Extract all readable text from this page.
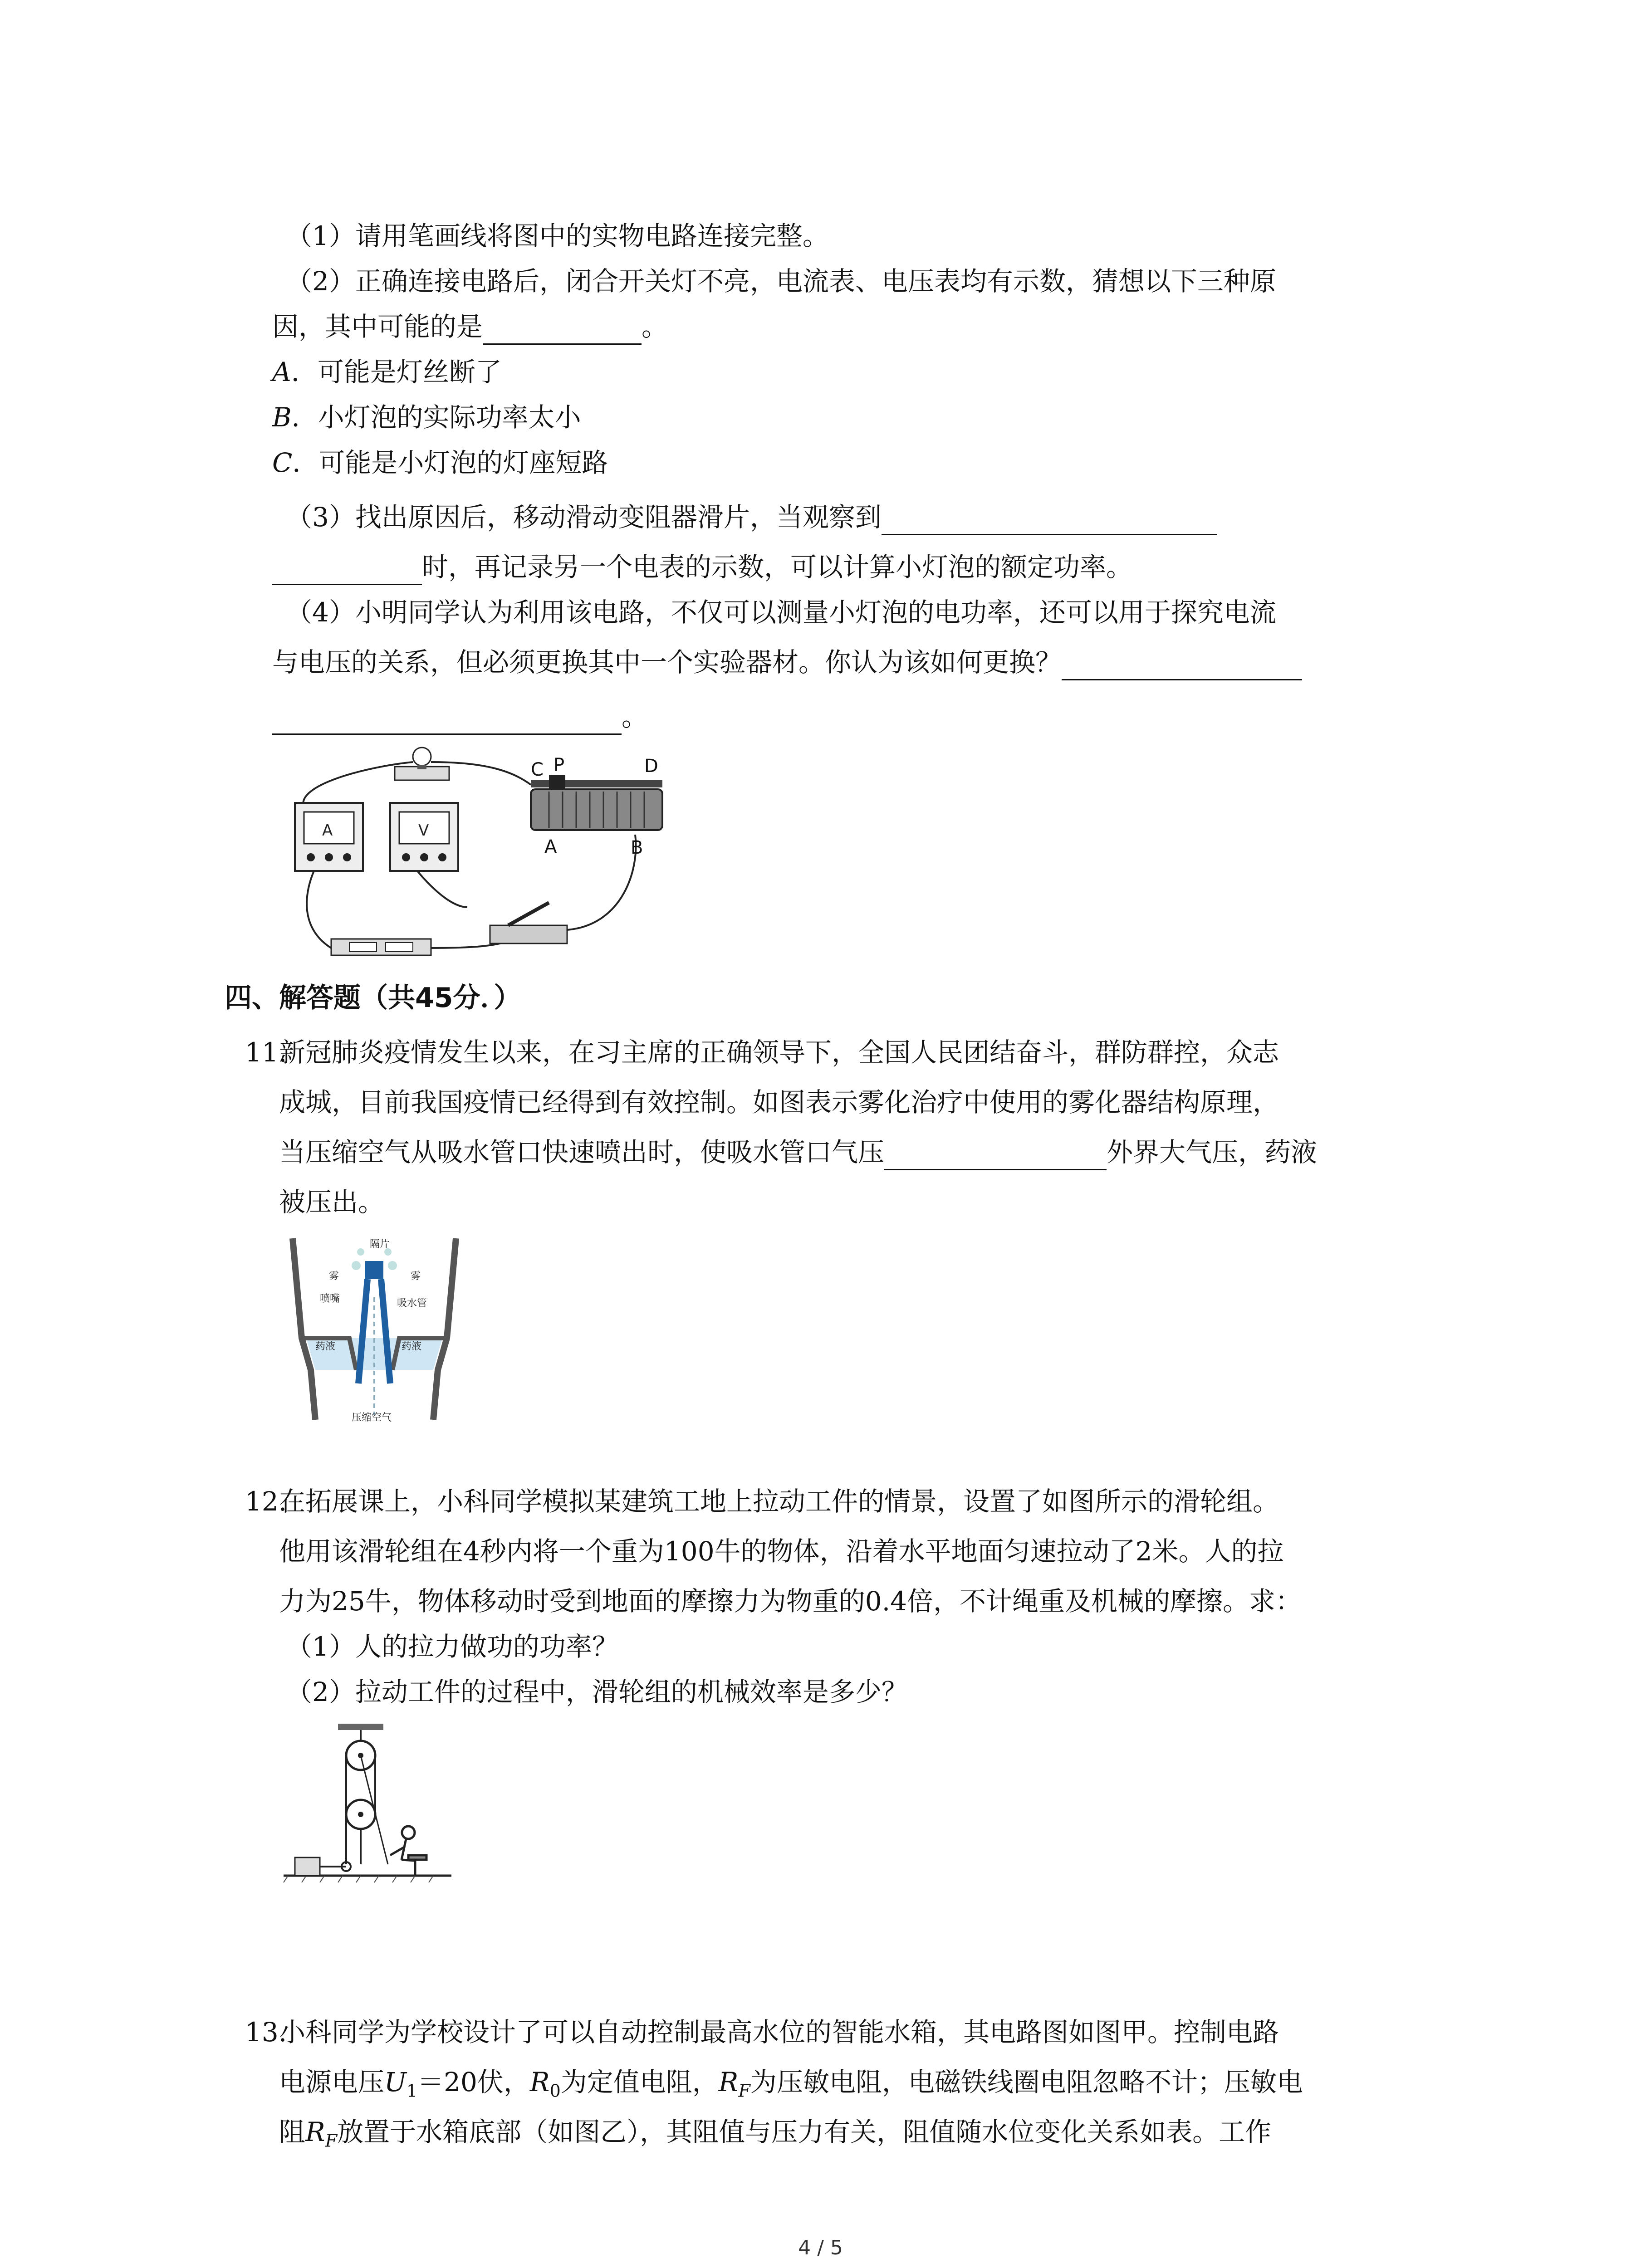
（1）请用笔画线将图中的实物电路连接完整。
（2）正确连接电路后，闭合开关灯不亮，电流表、电压表均有示数，猜想以下三种原
因，其中可能的是	。
A．可能是灯丝断了
B．小灯泡的实际功率太小
C．可能是小灯泡的灯座短路
（3）找出原因后，移动滑动变阻器滑片，当观察到
时，再记录另一个电表的示数，可以计算小灯泡的额定功率。
（4）小明同学认为利用该电路，不仅可以测量小灯泡的电功率，还可以用于探究电流
与电压的关系，但必须更换其中一个实验器材。你认为该如何更换？
。
A	V
C P	D
A	B
四、解答题（共45分．）
11.
新冠肺炎疫情发生以来，在习主席的正确领导下，全国人民团结奋斗，群防群控，众志
成城，目前我国疫情已经得到有效控制。如图表示雾化治疗中使用的雾化器结构原理，
当压缩空气从吸水管口快速喷出时，使吸水管口气压	外界大气压，药液
被压出。
隔片
雾	雾
喷嘴	吸水管
药液	药液
压缩空气
12.
在拓展课上，小科同学模拟某建筑工地上拉动工件的情景，设置了如图所示的滑轮组。
他用该滑轮组在4秒内将一个重为100牛的物体，沿着水平地面匀速拉动了2米。人的拉
力为25牛，物体移动时受到地面的摩擦力为物重的0.4倍，不计绳重及机械的摩擦。求：
（1）人的拉力做功的功率？
（2）拉动工件的过程中，滑轮组的机械效率是多少？
13.
小科同学为学校设计了可以自动控制最高水位的智能水箱，其电路图如图甲。控制电路
电源电压$U_1=20$伏，$R_0$为定值电阻，$R_F$为压敏电阻，电磁铁线圈电阻忽略不计；压敏电
阻$R_F$放置于水箱底部（如图乙），其阻值与压力有关，阻值随水位变化关系如表。工作
4 / 5
